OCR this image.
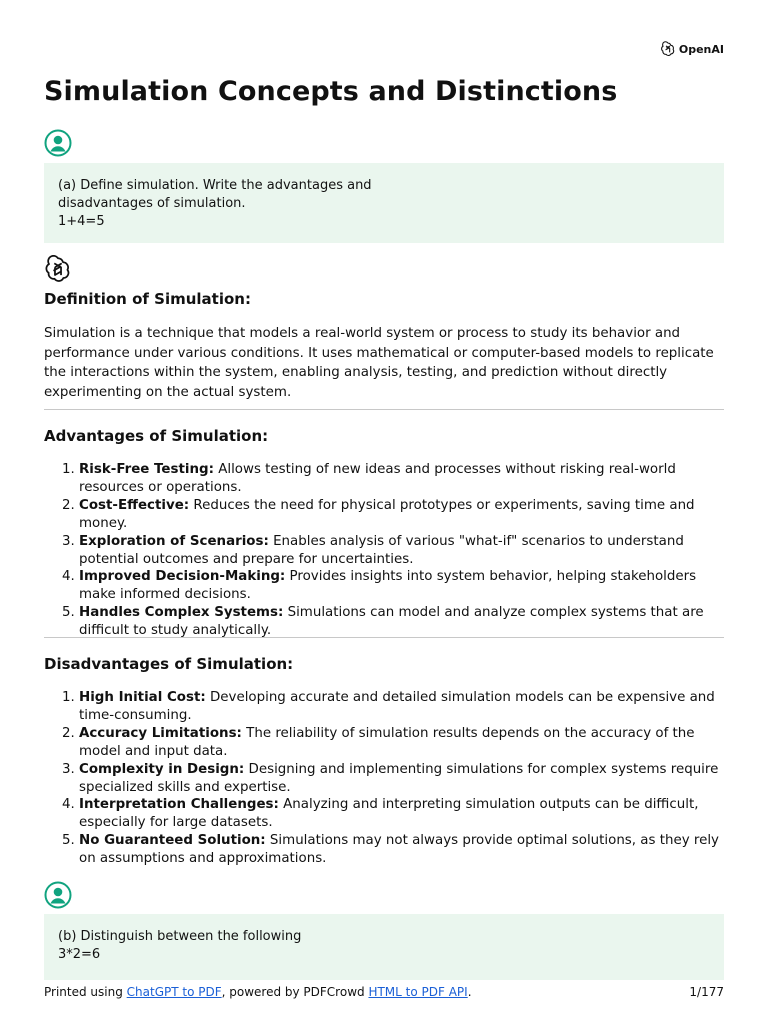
OpenAI
Simulation Concepts and Distinctions
(a) Define simulation. Write the advantages and
disadvantages of simulation.
1+4=5
Definition of Simulation:

Simulation is a technique that models a real-world system or process to study its behavior and performance under various conditions. It uses mathematical or computer-based models to replicate the interactions within the system, enabling analysis, testing, and prediction without directly experimenting on the actual system.

Advantages of Simulation:
1. Risk-Free Testing: Allows testing of new ideas and processes without risking real-world resources or operations.
2. Cost-Effective: Reduces the need for physical prototypes or experiments, saving time and money.
3. Exploration of Scenarios: Enables analysis of various "what-if" scenarios to understand potential outcomes and prepare for uncertainties.
4. Improved Decision-Making: Provides insights into system behavior, helping stakeholders make informed decisions.
5. Handles Complex Systems: Simulations can model and analyze complex systems that are difficult to study analytically.
Disadvantages of Simulation:
1. High Initial Cost: Developing accurate and detailed simulation models can be expensive and time-consuming.
2. Accuracy Limitations: The reliability of simulation results depends on the accuracy of the model and input data.
3. Complexity in Design: Designing and implementing simulations for complex systems require specialized skills and expertise.
4. Interpretation Challenges: Analyzing and interpreting simulation outputs can be difficult, especially for large datasets.
5. No Guaranteed Solution: Simulations may not always provide optimal solutions, as they rely on assumptions and approximations.
(b) Distinguish between the following
3*2=6
Printed using ChatGPT to PDF, powered by PDFCrowd HTML to PDF API.	1/177
